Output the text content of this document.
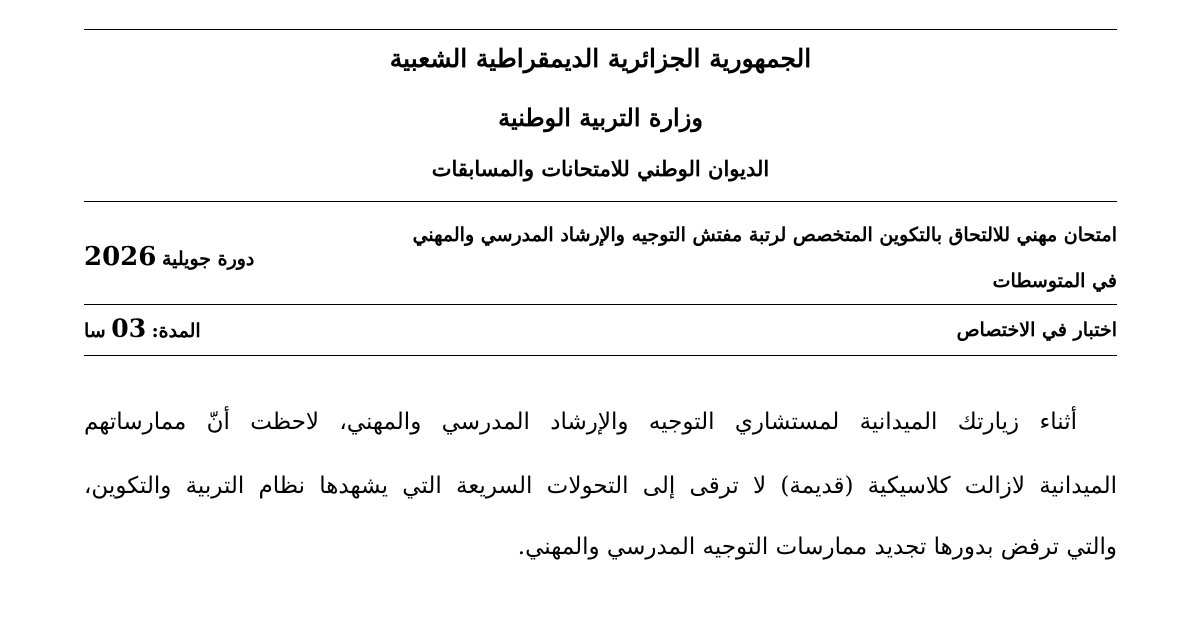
الجمهورية الجزائرية الديمقراطية الشعبية
وزارة التربية الوطنية
الديوان الوطني للامتحانات والمسابقات
امتحان مهني للالتحاق بالتكوين المتخصص لرتبة مفتش التوجيه والإرشاد المدرسي والمهني
في المتوسطات
دورة جويلية 2026
اختبار في الاختصاص
المدة: 03 سا
أثناء زيارتك الميدانية لمستشاري التوجيه والإرشاد المدرسي والمهني، لاحظت أنّ ممارساتهم
الميدانية لازالت كلاسيكية (قديمة) لا ترقى إلى التحولات السريعة التي يشهدها نظام التربية والتكوين،
والتي ترفض بدورها تجديد ممارسات التوجيه المدرسي والمهني.
